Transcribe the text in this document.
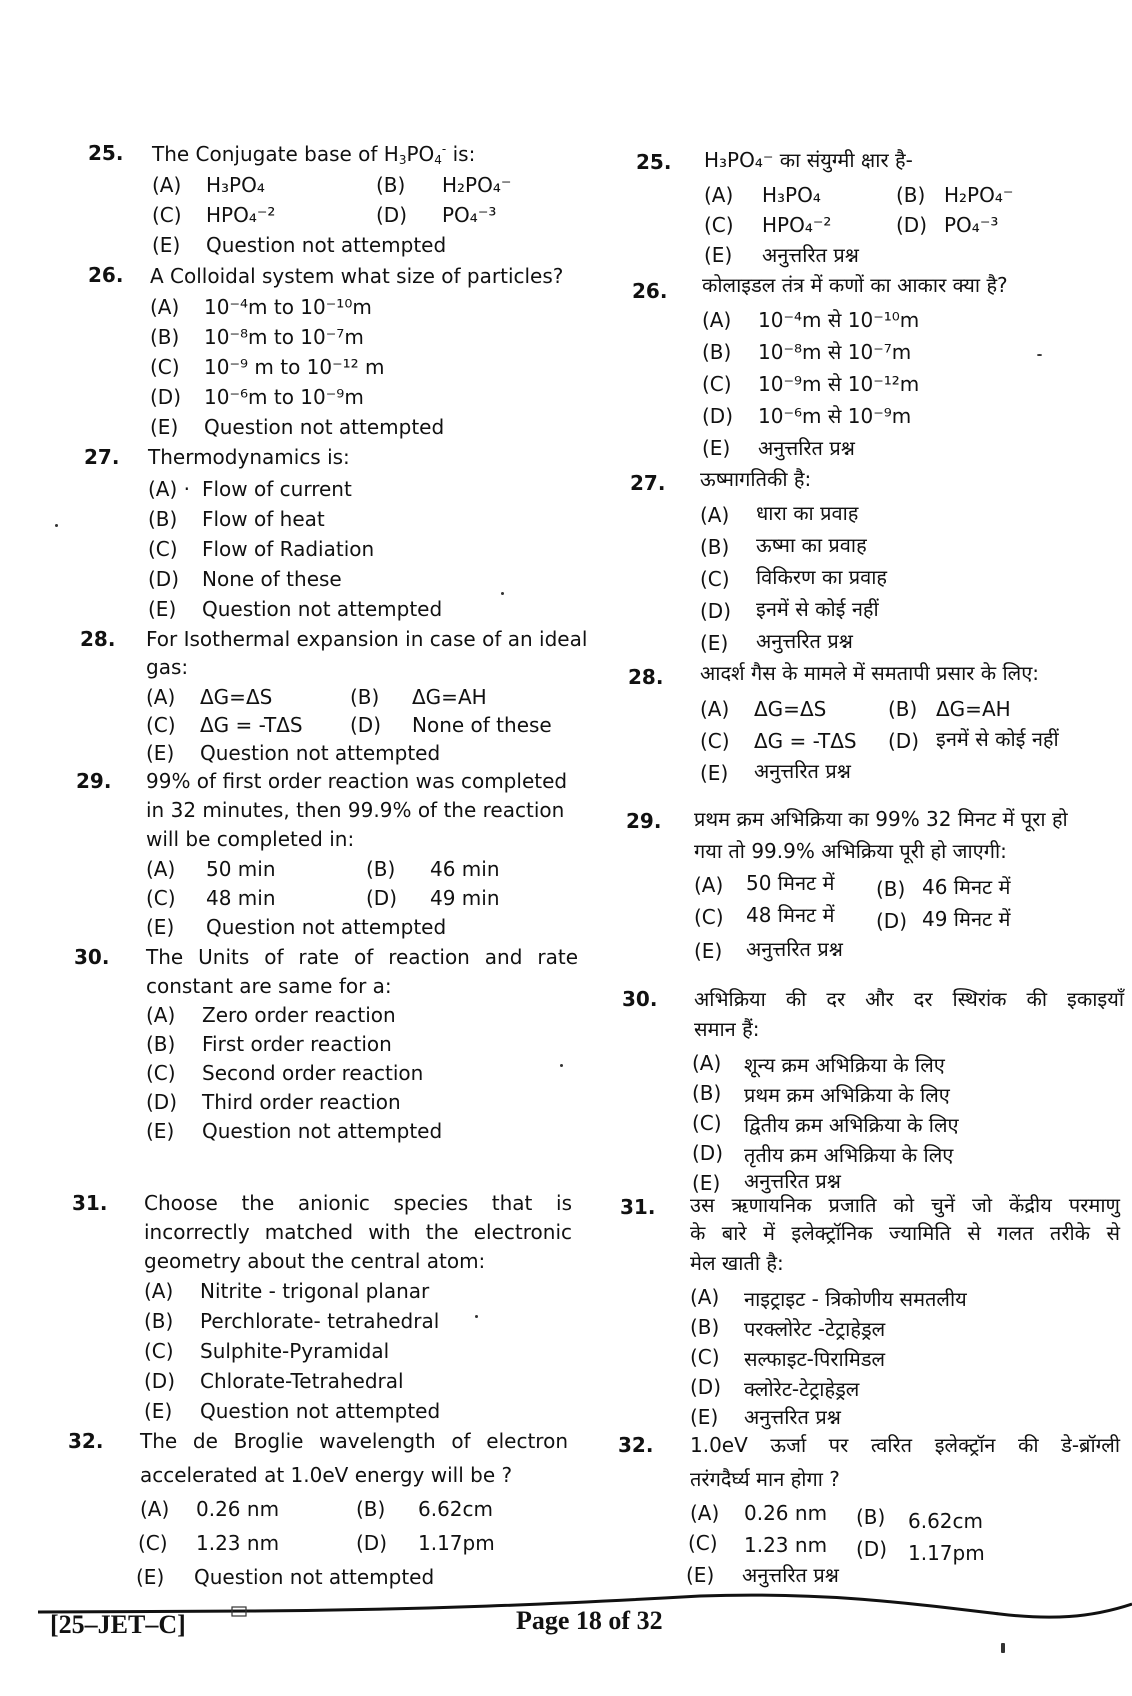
25. The Conjugate base of $H_3PO_4^-$ is:
(A) H₃PO₄	(B) H₂PO₄⁻
(C) HPO₄⁻²	(D) PO₄⁻³
(E) Question not attempted
26. A Colloidal system what size of particles?
(A) 10⁻⁴m to 10⁻¹⁰m
(B) 10⁻⁸m to 10⁻⁷m
(C) 10⁻⁹ m to 10⁻¹² m
(D) 10⁻⁶m to 10⁻⁹m
(E) Question not attempted
27. Thermodynamics is:
(A) · Flow of current
(B) Flow of heat
(C) Flow of Radiation
(D) None of these
(E) Question not attempted
28. For Isothermal expansion in case of an ideal
gas:
(A) ΔG=ΔS	(B) ΔG=AH
(C) ΔG = -TΔS (D) None of these
(E) Question not attempted
29. 99% of first order reaction was completed
in 32 minutes, then 99.9% of the reaction
will be completed in:
(A) 50 min	(B) 46 min
(C) 48 min	(D) 49 min
(E) Question not attempted
30. The Units of rate of reaction and rate
constant are same for a:
(A) Zero order reaction
(B) First order reaction
(C) Second order reaction
(D) Third order reaction
(E) Question not attempted
31. Choose the anionic species that is
incorrectly matched with the electronic
geometry about the central atom:
(A) Nitrite - trigonal planar
(B) Perchlorate- tetrahedral
(C) Sulphite-Pyramidal
(D) Chlorate-Tetrahedral
(E) Question not attempted
32. The de Broglie wavelength of electron
accelerated at 1.0eV energy will be ?
(A) 0.26 nm	(B) 6.62cm
(C) 1.23 nm	(D) 1.17pm
(E) Question not attempted
25. H₃PO₄⁻ का संयुग्मी क्षार है-
(A) H₃PO₄	(B) H₂PO₄⁻
(C) HPO₄⁻²	(D) PO₄⁻³
(E) अनुत्तरित प्रश्न
26. कोलाइडल तंत्र में कणों का आकार क्या है?
(A) 10⁻⁴m से 10⁻¹⁰m
(B) 10⁻⁸m से 10⁻⁷m
(C) 10⁻⁹m से 10⁻¹²m
(D) 10⁻⁶m से 10⁻⁹m
(E) अनुत्तरित प्रश्न
27. ऊष्मागतिकी है:
(A) धारा का प्रवाह
(B) ऊष्मा का प्रवाह
(C) विकिरण का प्रवाह
(D) इनमें से कोई नहीं
(E) अनुत्तरित प्रश्न
28. आदर्श गैस के मामले में समतापी प्रसार के लिए:
(A) ΔG=ΔS	(B) ΔG=AH
(C) ΔG = -TΔS (D) इनमें से कोई नहीं
(E) अनुत्तरित प्रश्न
29. प्रथम क्रम अभिक्रिया का 99% 32 मिनट में पूरा हो
गया तो 99.9% अभिक्रिया पूरी हो जाएगी:
(A) 50 मिनट में (B) 46 मिनट में
(C) 48 मिनट में (D) 49 मिनट में
(E) अनुत्तरित प्रश्न
30. अभिक्रिया की दर और दर स्थिरांक की इकाइयाँ
समान हैं:
(A) शून्य क्रम अभिक्रिया के लिए
(B) प्रथम क्रम अभिक्रिया के लिए
(C) द्वितीय क्रम अभिक्रिया के लिए
(D) तृतीय क्रम अभिक्रिया के लिए
(E) अनुत्तरित प्रश्न
31. उस ऋणायनिक प्रजाति को चुनें जो केंद्रीय परमाणु
के बारे में इलेक्ट्रॉनिक ज्यामिति से गलत तरीके से
मेल खाती है:
(A) नाइट्राइट - त्रिकोणीय समतलीय
(B) परक्लोरेट -टेट्राहेड्रल
(C) सल्फाइट-पिरामिडल
(D) क्लोरेट-टेट्राहेड्रल
(E) अनुत्तरित प्रश्न
32. 1.0eV ऊर्जा पर त्वरित इलेक्ट्रॉन की डे-ब्रॉग्ली
तरंगदैर्घ्य मान होगा ?
(A) 0.26 nm (B) 6.62cm
(C) 1.23 nm (D) 1.17pm
(E) अनुत्तरित प्रश्न
[25–JET–C]	Page 18 of 32
